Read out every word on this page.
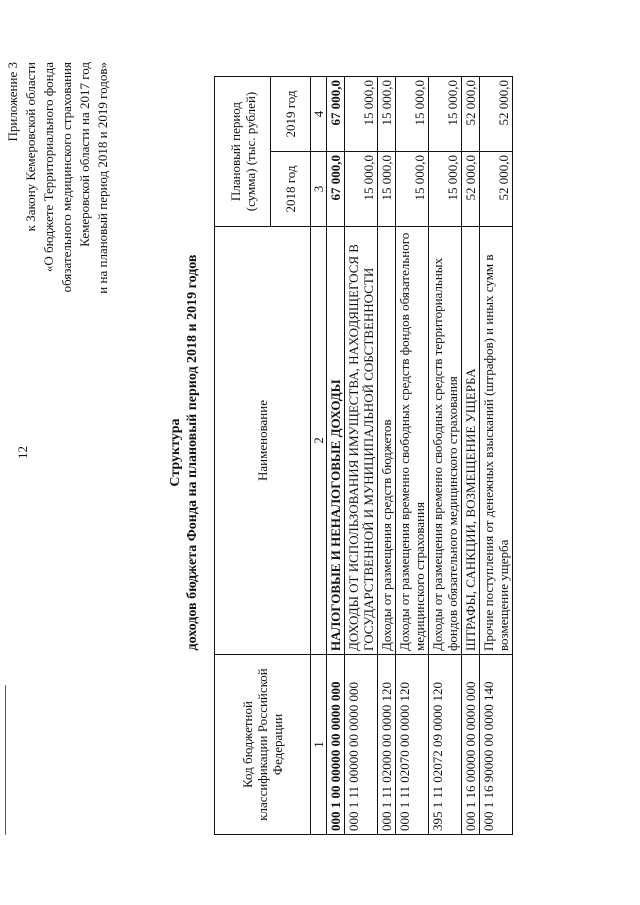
12
Приложение 3 к Закону Кемеровской области «О бюджете Территориального фонда обязательного медицинского страхования Кемеровской области на 2017 год и на плановый период 2018 и 2019 годов»
Структура доходов бюджета Фонда на плановый период 2018 и 2019 годов
Код бюджетной классификации Российской Федерации	Наименование	Плановый период (сумма) (тыс. рублей)	
		2018 год	2019 год
1	2	3	4
000 1 00 00000 00 0000 000	НАЛОГОВЫЕ И НЕНАЛОГОВЫЕ ДОХОДЫ	67 000,0	67 000,0
000 1 11 00000 00 0000 000	ДОХОДЫ ОТ ИСПОЛЬЗОВАНИЯ ИМУЩЕСТВА, НАХОДЯЩЕГОСЯ В ГОСУДАРСТВЕННОЙ И МУНИЦИПАЛЬНОЙ СОБСТВЕННОСТИ	15 000,0	15 000,0
000 1 11 02000 00 0000 120	Доходы от размещения средств бюджетов	15 000,0	15 000,0
000 1 11 02070 00 0000 120	Доходы от размещения временно свободных средств фондов обязательного медицинского страхования	15 000,0	15 000,0
395 1 11 02072 09 0000 120	Доходы от размещения временно свободных средств территориальных фондов обязательного медицинского страхования	15 000,0	15 000,0
000 1 16 00000 00 0000 000	ШТРАФЫ, САНКЦИИ, ВОЗМЕЩЕНИЕ УЩЕРБА	52 000,0	52 000,0
000 1 16 90000 00 0000 140	Прочие поступления от денежных взысканий (штрафов) и иных сумм в возмещение ущерба	52 000,0	52 000,0
